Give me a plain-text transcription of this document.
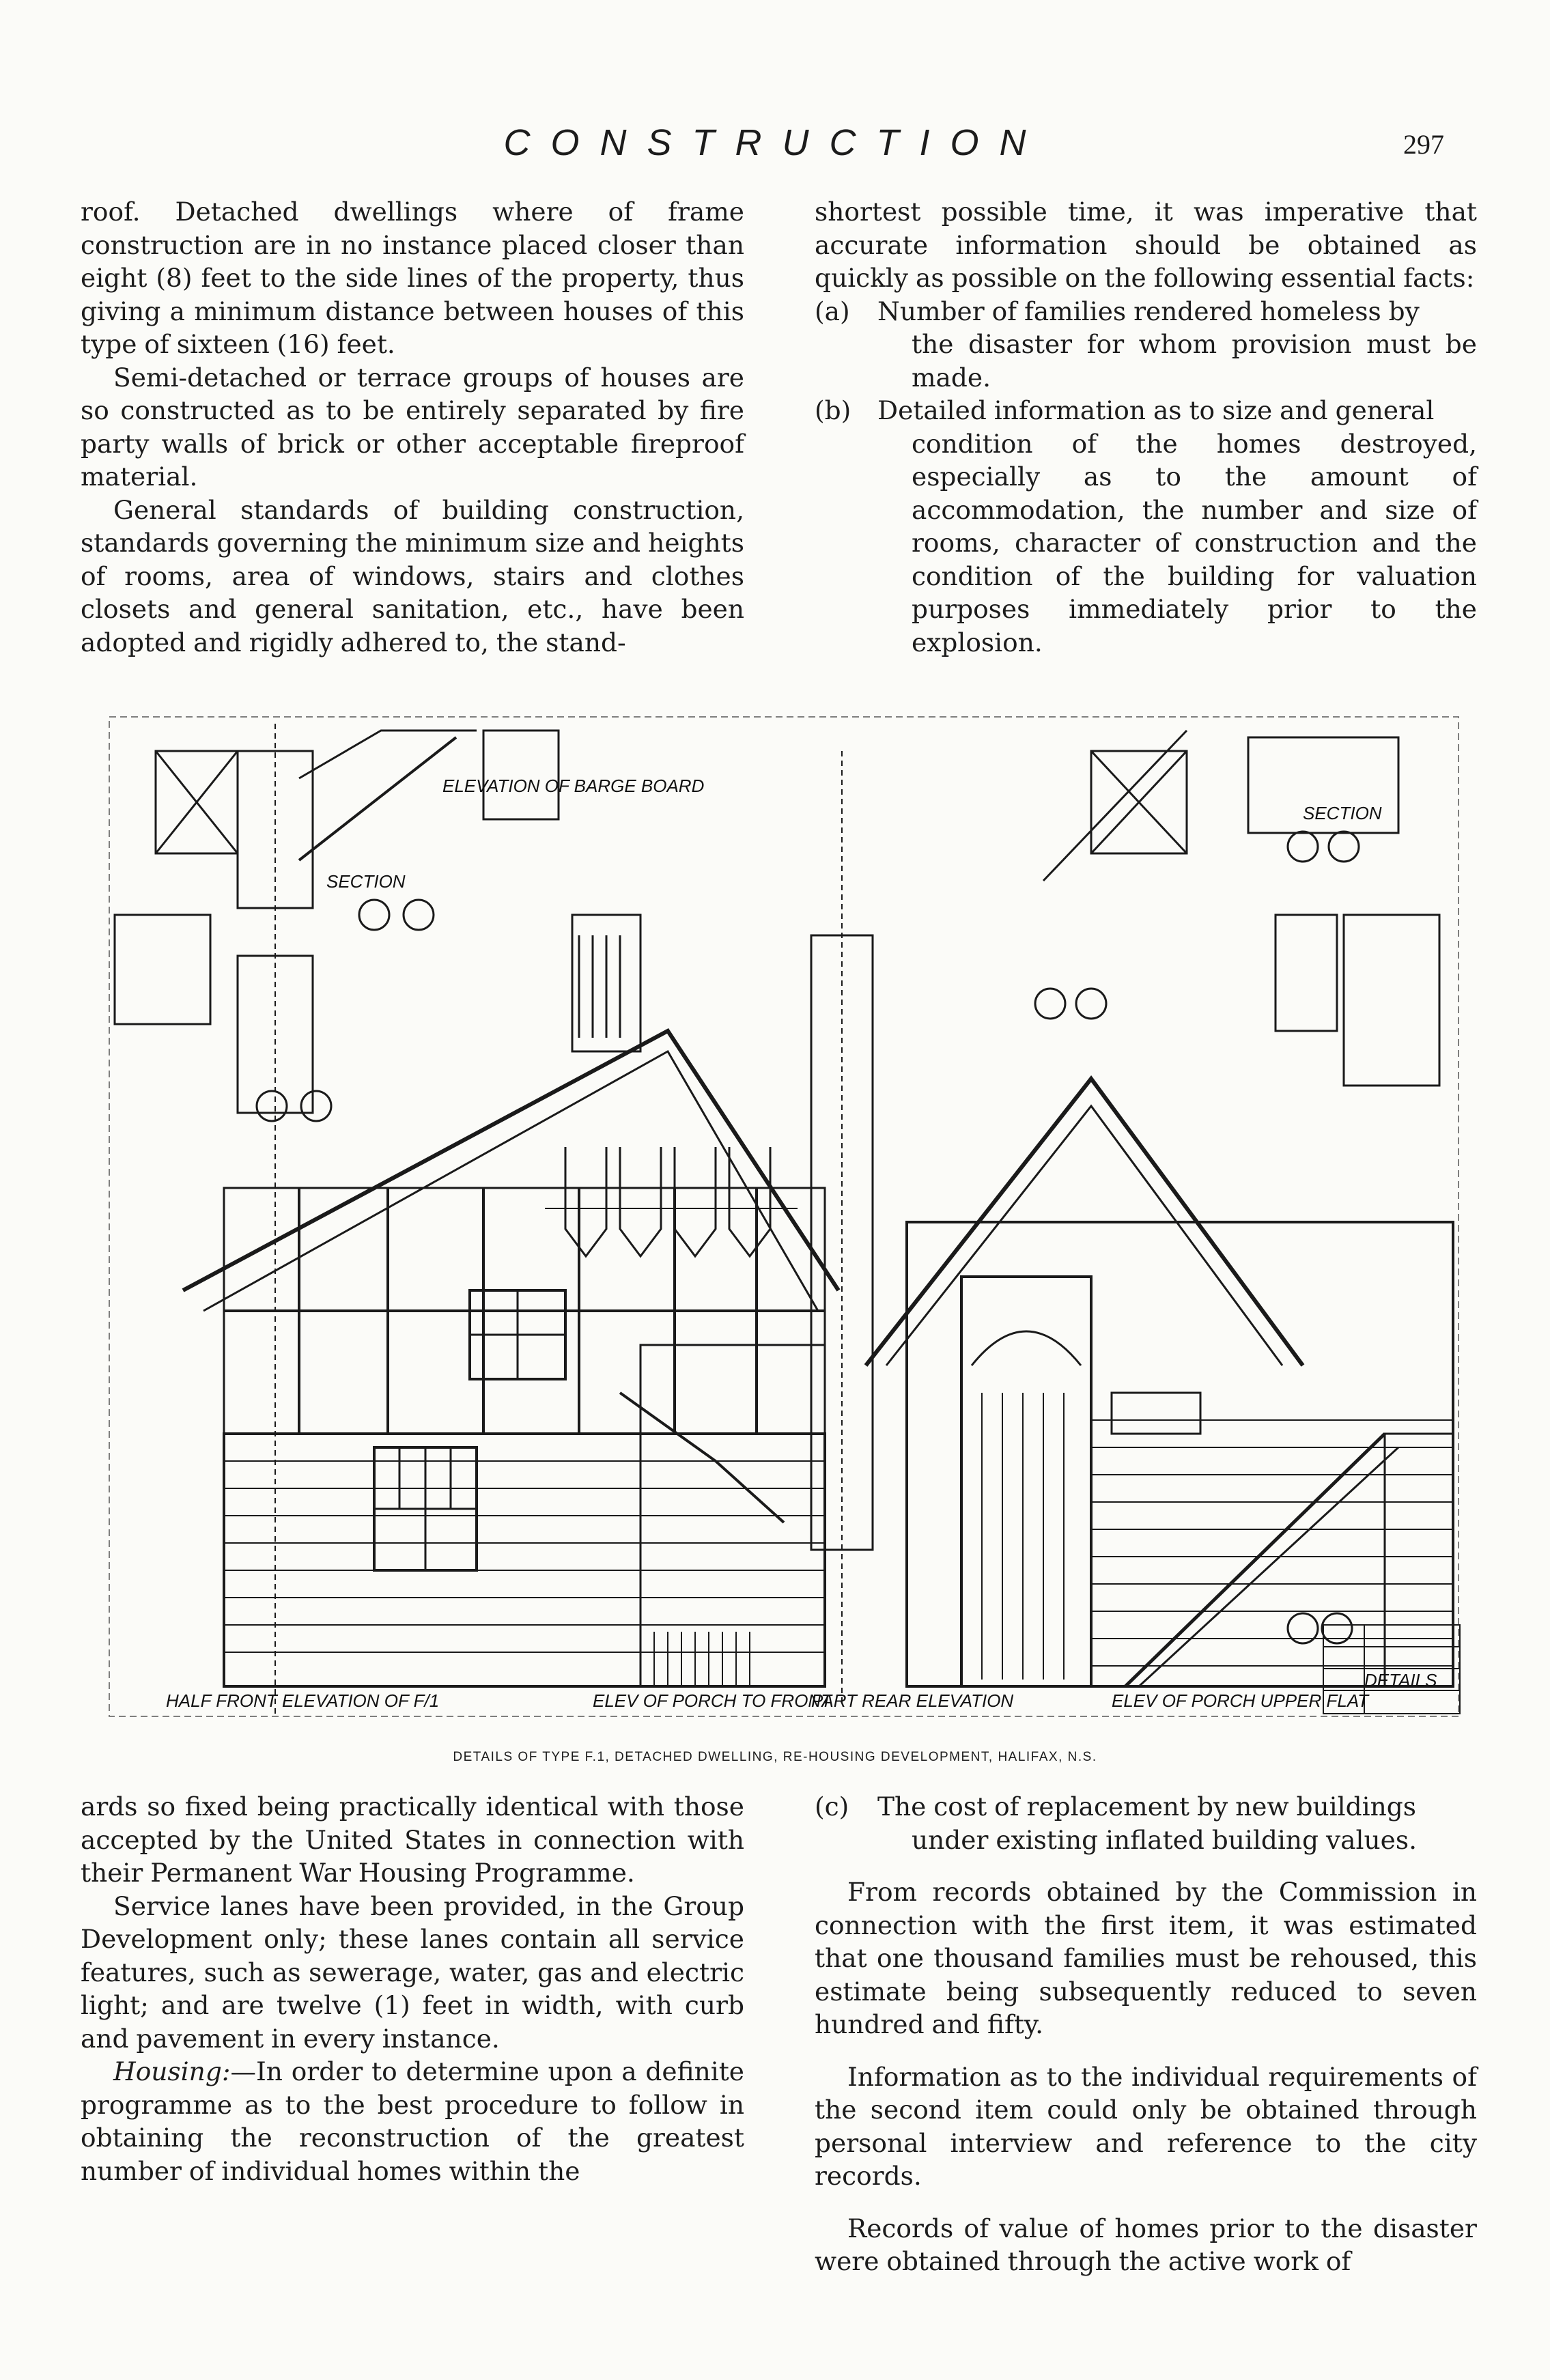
CONSTRUCTION	297

roof. Detached dwellings where of frame construction are in no instance placed closer than eight (8) feet to the side lines of the property, thus giving a minimum distance between houses of this type of sixteen (16) feet.

Semi-detached or terrace groups of houses are so constructed as to be entirely separated by fire party walls of brick or other acceptable fireproof material.

General standards of building construction, standards governing the minimum size and heights of rooms, area of windows, stairs and clothes closets and general sanitation, etc., have been adopted and rigidly adhered to, the stand-

shortest possible time, it was imperative that accurate information should be obtained as quickly as possible on the following essential facts:

(a) Number of families rendered homeless by
the disaster for whom provision must be made.
(b) Detailed information as to size and general
condition of the homes destroyed, especially as to the amount of accommodation, the number and size of rooms, character of construction and the condition of the building for valuation purposes immediately prior to the explosion.
ELEVATION OF BARGE BOARD
HALF FRONT ELEVATION OF F/1	PART REAR ELEVATION
ELEV OF PORCH TO FRONT	ELEV OF PORCH UPPER FLAT
DETAILS
SECTION
SECTION
DETAILS OF TYPE F.1, DETACHED DWELLING, RE-HOUSING DEVELOPMENT, HALIFAX, N.S.

ards so fixed being practically identical with those accepted by the United States in connection with their Permanent War Housing Programme.

Service lanes have been provided, in the Group Development only; these lanes contain all service features, such as sewerage, water, gas and electric light; and are twelve (1) feet in width, with curb and pavement in every instance.

Housing:—In order to determine upon a definite programme as to the best procedure to follow in obtaining the reconstruction of the greatest number of individual homes within the

(c) The cost of replacement by new buildings
under existing inflated building values.

From records obtained by the Commission in connection with the first item, it was estimated that one thousand families must be rehoused, this estimate being subsequently reduced to seven hundred and fifty.

Information as to the individual requirements of the second item could only be obtained through personal interview and reference to the city records.

Records of value of homes prior to the disaster were obtained through the active work of
